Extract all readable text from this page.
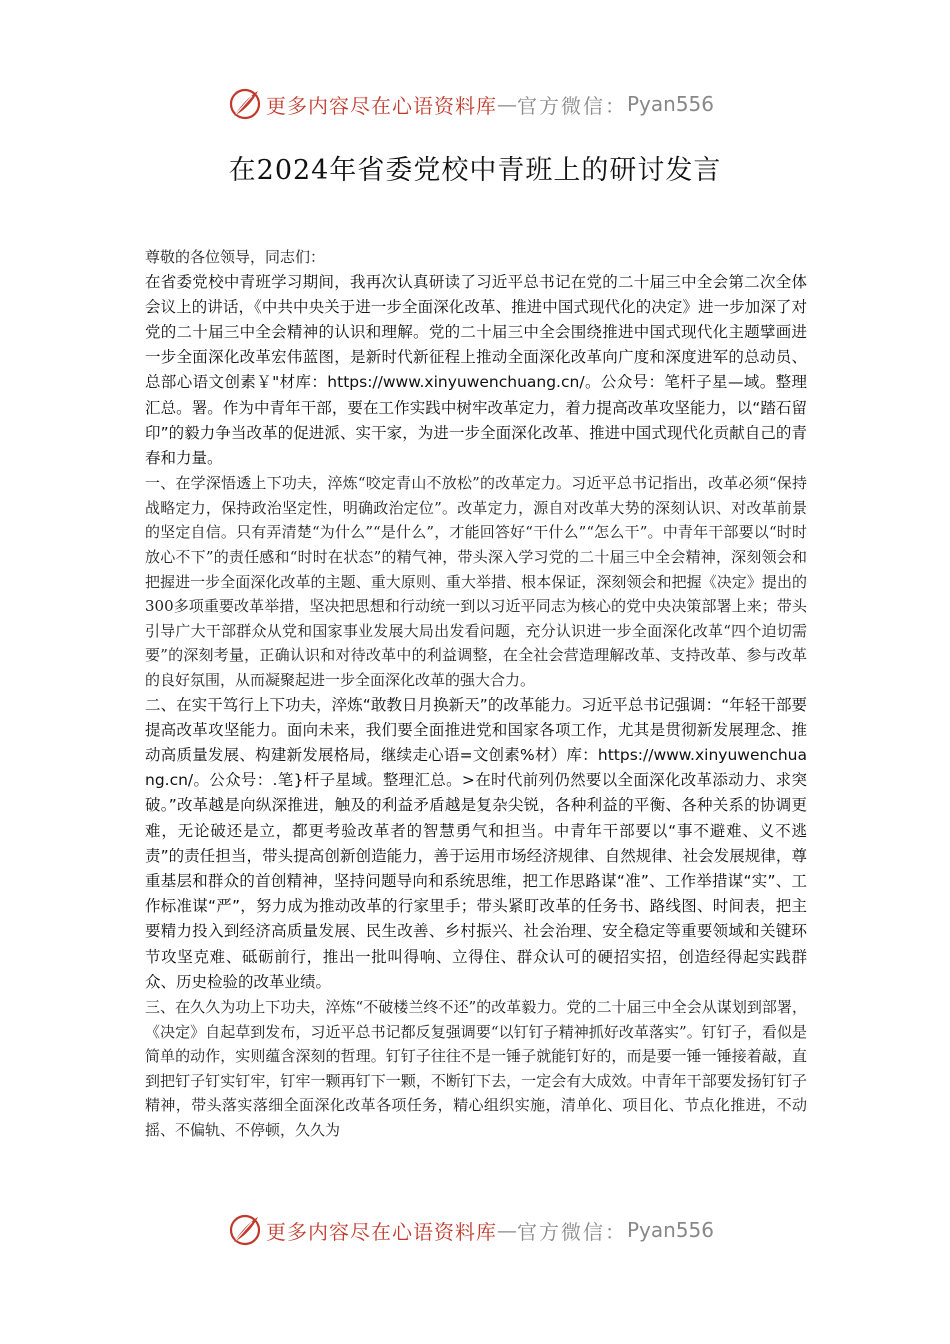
更多内容尽在心语资料库 — 官方微信： Pyan556
在2024年省委党校中青班上的研讨发言

尊敬的各位领导，同志们：

在省委党校中青班学习期间，我再次认真研读了习近平总书记在党的二十届三中全会第二次全体会议上的讲话，《中共中央关于进一步全面深化改革、推进中国式现代化的决定》进一步加深了对党的二十届三中全会精神的认识和理解。党的二十届三中全会围绕推进中国式现代化主题擘画进一步全面深化改革宏伟蓝图，是新时代新征程上推动全面深化改革向广度和深度进军的总动员、总部心语文创素￥"材库：https://www.xinyuwenchuang.cn/。公众号：笔杆子星—域。整理汇总。署。作为中青年干部，要在工作实践中树牢改革定力，着力提高改革攻坚能力，以“踏石留印”的毅力争当改革的促进派、实干家，为进一步全面深化改革、推进中国式现代化贡献自己的青春和力量。

一、在学深悟透上下功夫，淬炼“咬定青山不放松”的改革定力。习近平总书记指出，改革必须“保持战略定力，保持政治坚定性，明确政治定位”。改革定力，源自对改革大势的深刻认识、对改革前景的坚定自信。只有弄清楚“为什么”“是什么”，才能回答好“干什么”“怎么干”。中青年干部要以“时时放心不下”的责任感和“时时在状态”的精气神，带头深入学习党的二十届三中全会精神，深刻领会和把握进一步全面深化改革的主题、重大原则、重大举措、根本保证，深刻领会和把握《决定》提出的300多项重要改革举措，坚决把思想和行动统一到以习近平同志为核心的党中央决策部署上来；带头引导广大干部群众从党和国家事业发展大局出发看问题，充分认识进一步全面深化改革“四个迫切需要”的深刻考量，正确认识和对待改革中的利益调整，在全社会营造理解改革、支持改革、参与改革的良好氛围，从而凝聚起进一步全面深化改革的强大合力。

二、在实干笃行上下功夫，淬炼“敢教日月换新天”的改革能力。习近平总书记强调：“年轻干部要提高改革攻坚能力。面向未来，我们要全面推进党和国家各项工作，尤其是贯彻新发展理念、推动高质量发展、构建新发展格局，继续走心语=文创素%材）库：https://www.xinyuwenchuang.cn/。公众号：.笔}杆子星域。整理汇总。>在时代前列仍然要以全面深化改革添动力、求突破。”改革越是向纵深推进，触及的利益矛盾越是复杂尖锐，各种利益的平衡、各种关系的协调更难，无论破还是立，都更考验改革者的智慧勇气和担当。中青年干部要以“事不避难、义不逃责”的责任担当，带头提高创新创造能力，善于运用市场经济规律、自然规律、社会发展规律，尊重基层和群众的首创精神，坚持问题导向和系统思维，把工作思路谋“准”、工作举措谋“实”、工作标准谋“严”，努力成为推动改革的行家里手；带头紧盯改革的任务书、路线图、时间表，把主要精力投入到经济高质量发展、民生改善、乡村振兴、社会治理、安全稳定等重要领域和关键环节攻坚克难、砥砺前行，推出一批叫得响、立得住、群众认可的硬招实招，创造经得起实践群众、历史检验的改革业绩。

三、在久久为功上下功夫，淬炼“不破楼兰终不还”的改革毅力。党的二十届三中全会从谋划到部署，《决定》自起草到发布，习近平总书记都反复强调要“以钉钉子精神抓好改革落实”。钉钉子，看似是简单的动作，实则蕴含深刻的哲理。钉钉子往往不是一锤子就能钉好的，而是要一锤一锤接着敲，直到把钉子钉实钉牢，钉牢一颗再钉下一颗，不断钉下去，一定会有大成效。中青年干部要发扬钉钉子精神，带头落实落细全面深化改革各项任务，精心组织实施，清单化、项目化、节点化推进，不动摇、不偏轨、不停顿，久久为

更多内容尽在心语资料库 — 官方微信： Pyan556
